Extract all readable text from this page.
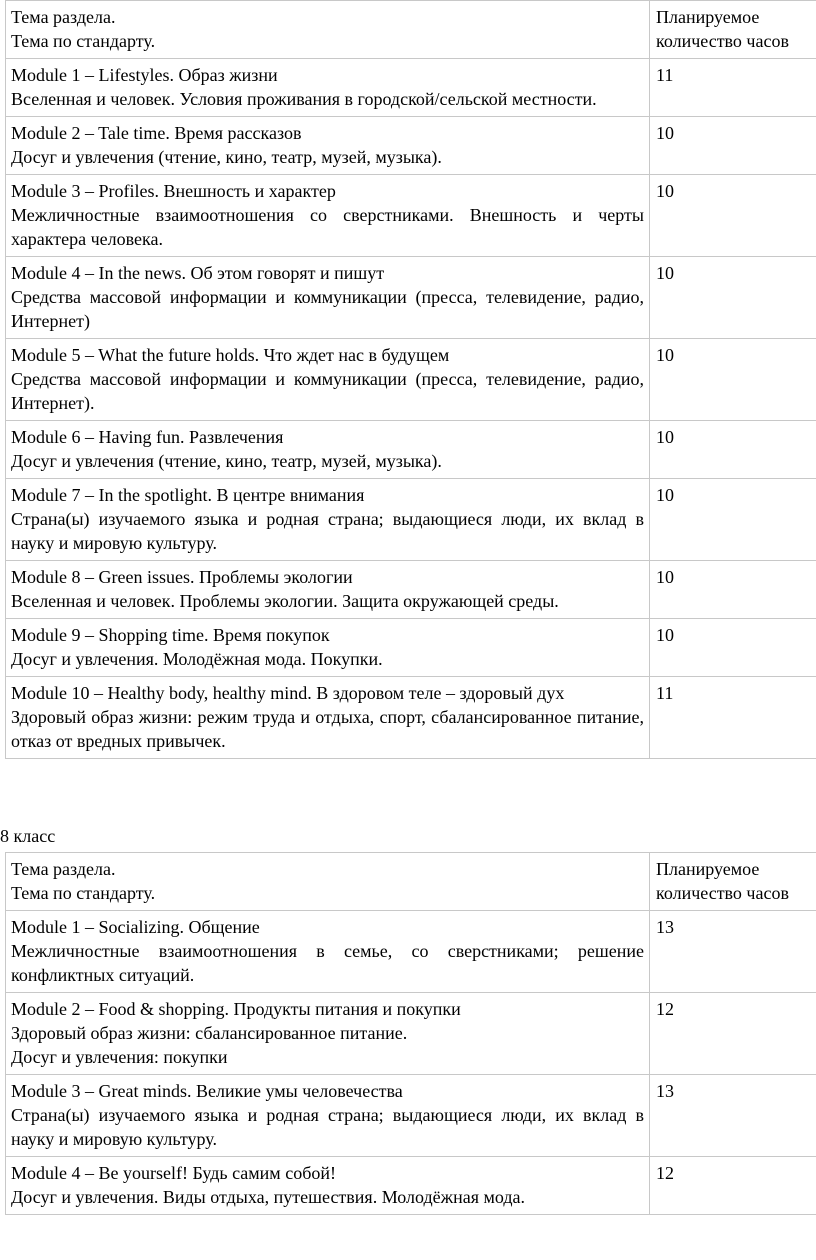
Тема раздела.
Тема по стандарту.	Планируемое количество часов

Module 1 – Lifestyles. Образ жизни
Вселенная и человек. Условия проживания в городской/сельской местности.	11

Module 2 – Tale time. Время рассказов
Досуг и увлечения (чтение, кино, театр, музей, музыка).	10

Module 3 – Profiles. Внешность и характер
Межличностные взаимоотношения со сверстниками. Внешность и черты характера человека.	10

Module 4 – In the news. Об этом говорят и пишут
Средства массовой информации и коммуникации (пресса, телевидение, радио, Интернет)	10

Module 5 – What the future holds. Что ждет нас в будущем
Средства массовой информации и коммуникации (пресса, телевидение, радио, Интернет).	10

Module 6 – Having fun. Развлечения
Досуг и увлечения (чтение, кино, театр, музей, музыка).	10

Module 7 – In the spotlight. В центре внимания
Страна(ы) изучаемого языка и родная страна; выдающиеся люди, их вклад в науку и мировую культуру.	10

Module 8 – Green issues. Проблемы экологии
Вселенная и человек. Проблемы экологии. Защита окружающей среды.	10

Module 9 – Shopping time. Время покупок
Досуг и увлечения. Молодёжная мода. Покупки.	10

Module 10 – Healthy body, healthy mind. В здоровом теле – здоровый дух
Здоровый образ жизни: режим труда и отдыха, спорт, сбалансированное питание, отказ от вредных привычек.	11
8 класс
Тема раздела.
Тема по стандарту.	Планируемое количество часов

Module 1 – Socializing. Общение
Межличностные взаимоотношения в семье, со сверстниками; решение конфликтных ситуаций.	13

Module 2 – Food & shopping. Продукты питания и покупки
Здоровый образ жизни: сбалансированное питание.
Досуг и увлечения: покупки	12

Module 3 – Great minds. Великие умы человечества
Страна(ы) изучаемого языка и родная страна; выдающиеся люди, их вклад в науку и мировую культуру.	13

Module 4 – Be yourself! Будь самим собой!
Досуг и увлечения. Виды отдыха, путешествия. Молодёжная мода.	12
